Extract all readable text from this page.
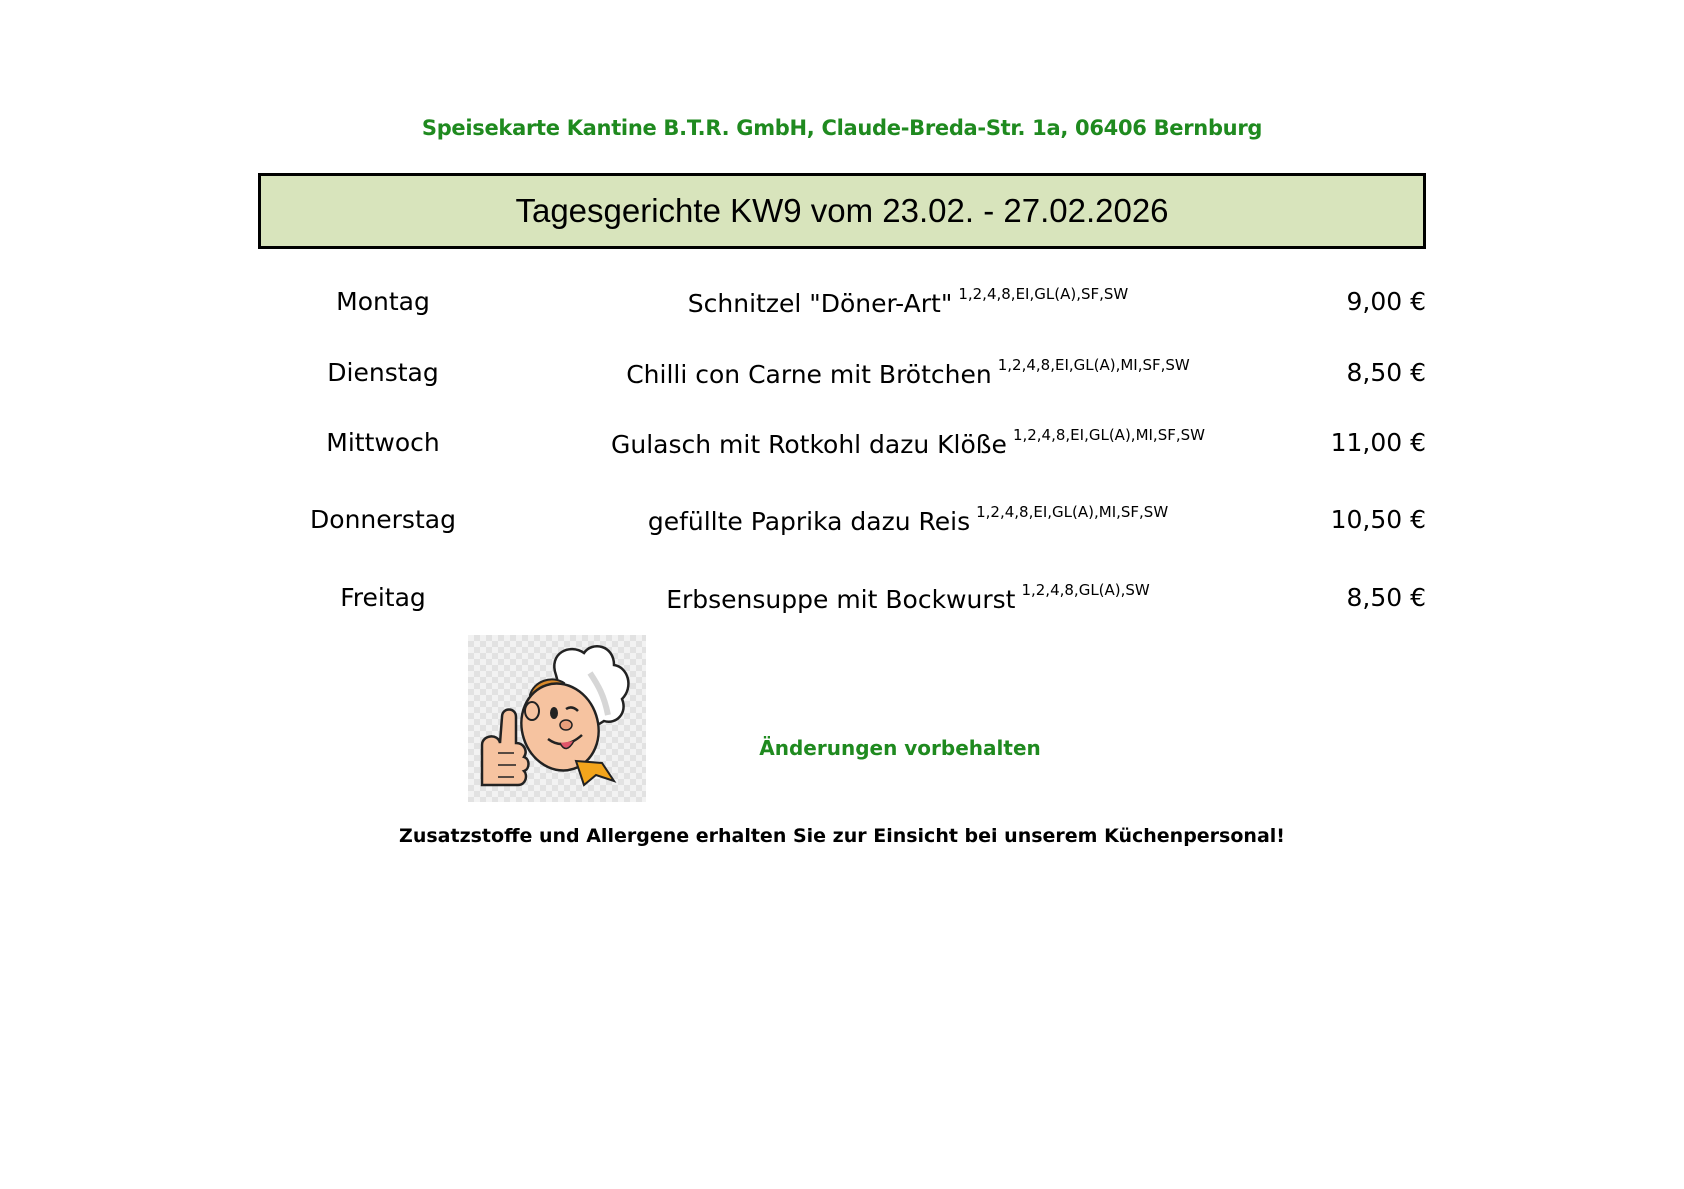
Speisekarte Kantine B.T.R. GmbH, Claude-Breda-Str. 1a, 06406 Bernburg
Tagesgerichte KW9 vom 23.02. - 27.02.2026
Montag	Schnitzel "Döner-Art" $^{1,2,4,8,EI,GL(A),SF,SW}$	9,00 €
Dienstag	Chilli con Carne mit Brötchen $^{1,2,4,8,EI,GL(A),MI,SF,SW}$	8,50 €
Mittwoch	Gulasch mit Rotkohl dazu Klöße $^{1,2,4,8,EI,GL(A),MI,SF,SW}$	11,00 €
Donnerstag	gefüllte Paprika dazu Reis $^{1,2,4,8,EI,GL(A),MI,SF,SW}$	10,50 €
Freitag	Erbsensuppe mit Bockwurst $^{1,2,4,8,GL(A),SW}$	8,50 €
Änderungen vorbehalten
Zusatzstoffe und Allergene erhalten Sie zur Einsicht bei unserem Küchenpersonal!
